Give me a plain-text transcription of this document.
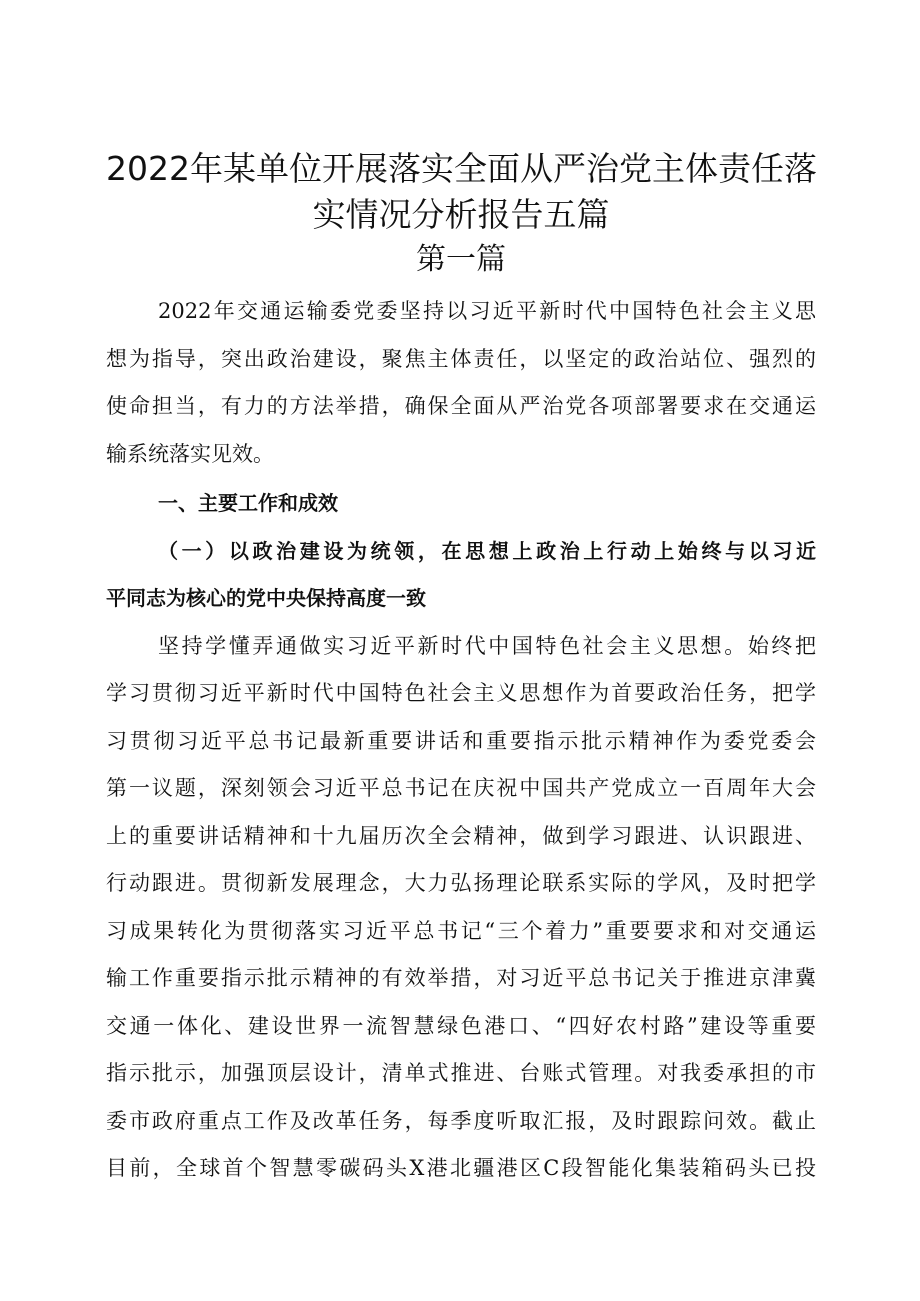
2022年某单位开展落实全面从严治党主体责任落
实情况分析报告五篇
第一篇

2022年交通运输委党委坚持以习近平新时代中国特色社会主义思
想为指导，突出政治建设，聚焦主体责任，以坚定的政治站位、强烈的
使命担当，有力的方法举措，确保全面从严治党各项部署要求在交通运
输系统落实见效。

一、主要工作和成效

（一）以政治建设为统领，在思想上政治上行动上始终与以习近
平同志为核心的党中央保持高度一致

坚持学懂弄通做实习近平新时代中国特色社会主义思想。始终把
学习贯彻习近平新时代中国特色社会主义思想作为首要政治任务，把学
习贯彻习近平总书记最新重要讲话和重要指示批示精神作为委党委会
第一议题，深刻领会习近平总书记在庆祝中国共产党成立一百周年大会
上的重要讲话精神和十九届历次全会精神，做到学习跟进、认识跟进、
行动跟进。贯彻新发展理念，大力弘扬理论联系实际的学风，及时把学
习成果转化为贯彻落实习近平总书记“三个着力”重要要求和对交通运
输工作重要指示批示精神的有效举措，对习近平总书记关于推进京津冀
交通一体化、建设世界一流智慧绿色港口、“四好农村路”建设等重要
指示批示，加强顶层设计，清单式推进、台账式管理。对我委承担的市
委市政府重点工作及改革任务，每季度听取汇报，及时跟踪问效。截止
目前，全球首个智慧零碳码头X港北疆港区C段智能化集装箱码头已投
